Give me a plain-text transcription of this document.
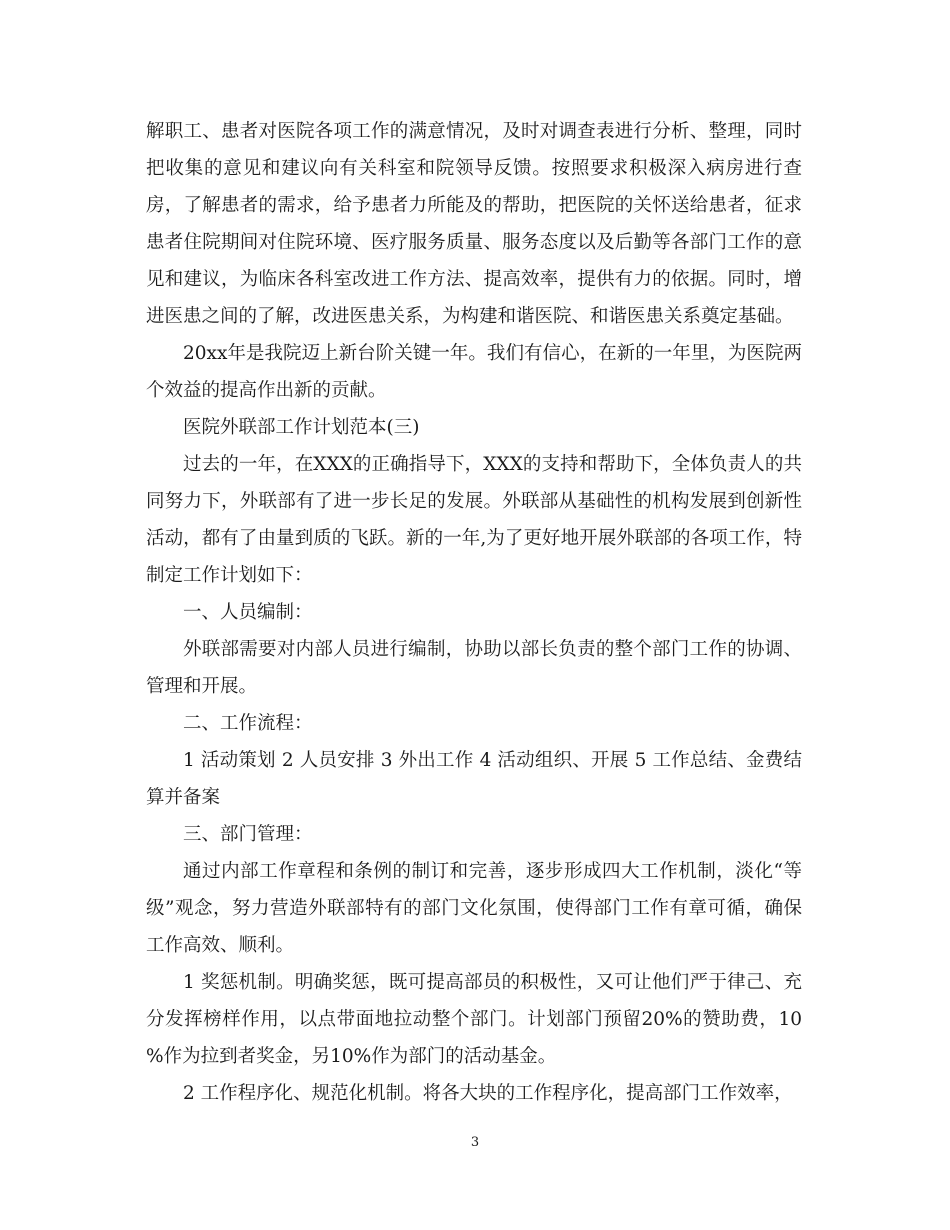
解职工、患者对医院各项工作的满意情况，及时对调查表进行分析、整理，同时把收集的意见和建议向有关科室和院领导反馈。按照要求积极深入病房进行查房，了解患者的需求，给予患者力所能及的帮助，把医院的关怀送给患者，征求患者住院期间对住院环境、医疗服务质量、服务态度以及后勤等各部门工作的意见和建议，为临床各科室改进工作方法、提高效率，提供有力的依据。同时，增进医患之间的了解，改进医患关系，为构建和谐医院、和谐医患关系奠定基础。

20xx年是我院迈上新台阶关键一年。我们有信心，在新的一年里，为医院两个效益的提高作出新的贡献。

医院外联部工作计划范本(三)

过去的一年，在XXX的正确指导下，XXX的支持和帮助下，全体负责人的共同努力下，外联部有了进一步长足的发展。外联部从基础性的机构发展到创新性活动，都有了由量到质的飞跃。新的一年,为了更好地开展外联部的各项工作，特制定工作计划如下：

一、人员编制：

外联部需要对内部人员进行编制，协助以部长负责的整个部门工作的协调、管理和开展。

二、工作流程：

1 活动策划 2 人员安排 3 外出工作 4 活动组织、开展 5 工作总结、金费结算并备案

三、部门管理：

通过内部工作章程和条例的制订和完善，逐步形成四大工作机制，淡化“等级”观念，努力营造外联部特有的部门文化氛围，使得部门工作有章可循，确保工作高效、顺利。

1 奖惩机制。明确奖惩，既可提高部员的积极性，又可让他们严于律己、充分发挥榜样作用，以点带面地拉动整个部门。计划部门预留20%的赞助费，10 %作为拉到者奖金，另10%作为部门的活动基金。

2 工作程序化、规范化机制。将各大块的工作程序化，提高部门工作效率，

3
